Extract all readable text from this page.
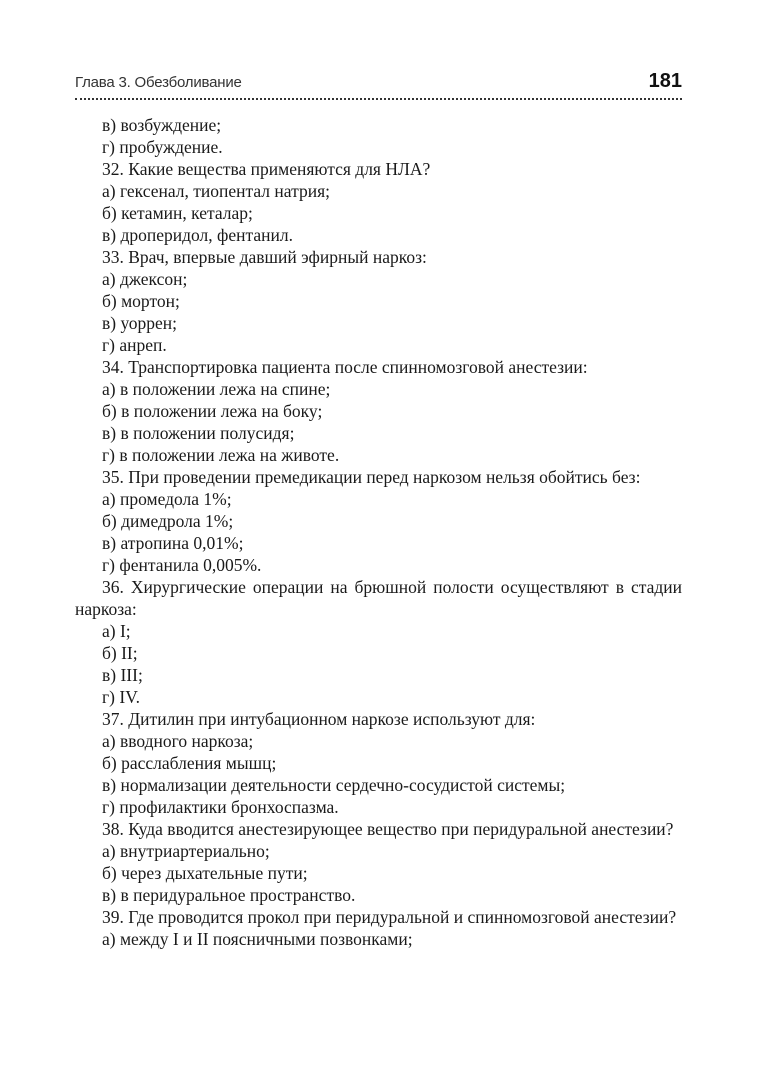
Глава 3. Обезболивание	181

в) возбуждение;

г) пробуждение.

32. Какие вещества применяются для НЛА?

а) гексенал, тиопентал натрия;

б) кетамин, кеталар;

в) дроперидол, фентанил.

33. Врач, впервые давший эфирный наркоз:

а) джексон;

б) мортон;

в) уоррен;

г) анреп.

34. Транспортировка пациента после спинномозговой анестезии:

а) в положении лежа на спине;

б) в положении лежа на боку;

в) в положении полусидя;

г) в положении лежа на животе.

35. При проведении премедикации перед наркозом нельзя обойтись без:

а) промедола 1%;

б) димедрола 1%;

в) атропина 0,01%;

г) фентанила 0,005%.

36. Хирургические операции на брюшной полости осуществляют в стадии наркоза:

а) I;

б) II;

в) III;

г) IV.

37. Дитилин при интубационном наркозе используют для:

а) вводного наркоза;

б) расслабления мышц;

в) нормализации деятельности сердечно-сосудистой системы;

г) профилактики бронхоспазма.

38. Куда вводится анестезирующее вещество при перидуральной анестезии?

а) внутриартериально;

б) через дыхательные пути;

в) в перидуральное пространство.

39. Где проводится прокол при перидуральной и спинномозговой анестезии?

а) между I и II поясничными позвонками;
